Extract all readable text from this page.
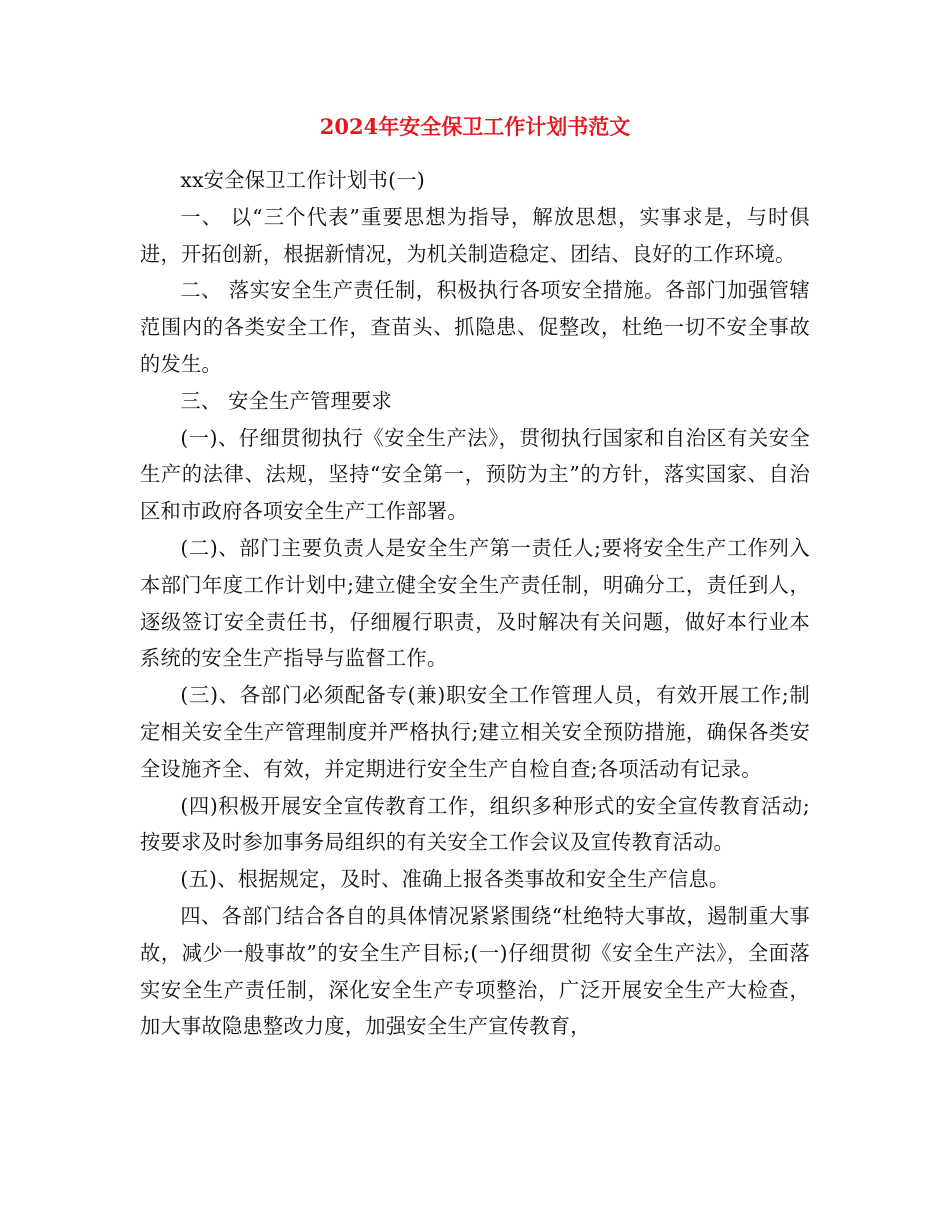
2024年安全保卫工作计划书范文

xx安全保卫工作计划书(一)

一、 以“三个代表”重要思想为指导，解放思想，实事求是，与时俱进，开拓创新，根据新情况，为机关制造稳定、团结、良好的工作环境。

二、 落实安全生产责任制，积极执行各项安全措施。各部门加强管辖范围内的各类安全工作，查苗头、抓隐患、促整改，杜绝一切不安全事故的发生。

三、 安全生产管理要求

(一)、仔细贯彻执行《安全生产法》，贯彻执行国家和自治区有关安全生产的法律、法规，坚持“安全第一，预防为主”的方针，落实国家、自治区和市政府各项安全生产工作部署。

(二)、部门主要负责人是安全生产第一责任人;要将安全生产工作列入本部门年度工作计划中;建立健全安全生产责任制，明确分工，责任到人，逐级签订安全责任书，仔细履行职责，及时解决有关问题，做好本行业本系统的安全生产指导与监督工作。

(三)、各部门必须配备专(兼)职安全工作管理人员，有效开展工作;制定相关安全生产管理制度并严格执行;建立相关安全预防措施，确保各类安全设施齐全、有效，并定期进行安全生产自检自查;各项活动有记录。

(四)积极开展安全宣传教育工作，组织多种形式的安全宣传教育活动;按要求及时参加事务局组织的有关安全工作会议及宣传教育活动。

(五)、根据规定，及时、准确上报各类事故和安全生产信息。

四、各部门结合各自的具体情况紧紧围绕“杜绝特大事故，遏制重大事故，减少一般事故”的安全生产目标;(一)仔细贯彻《安全生产法》，全面落实安全生产责任制，深化安全生产专项整治，广泛开展安全生产大检查，加大事故隐患整改力度，加强安全生产宣传教育，
